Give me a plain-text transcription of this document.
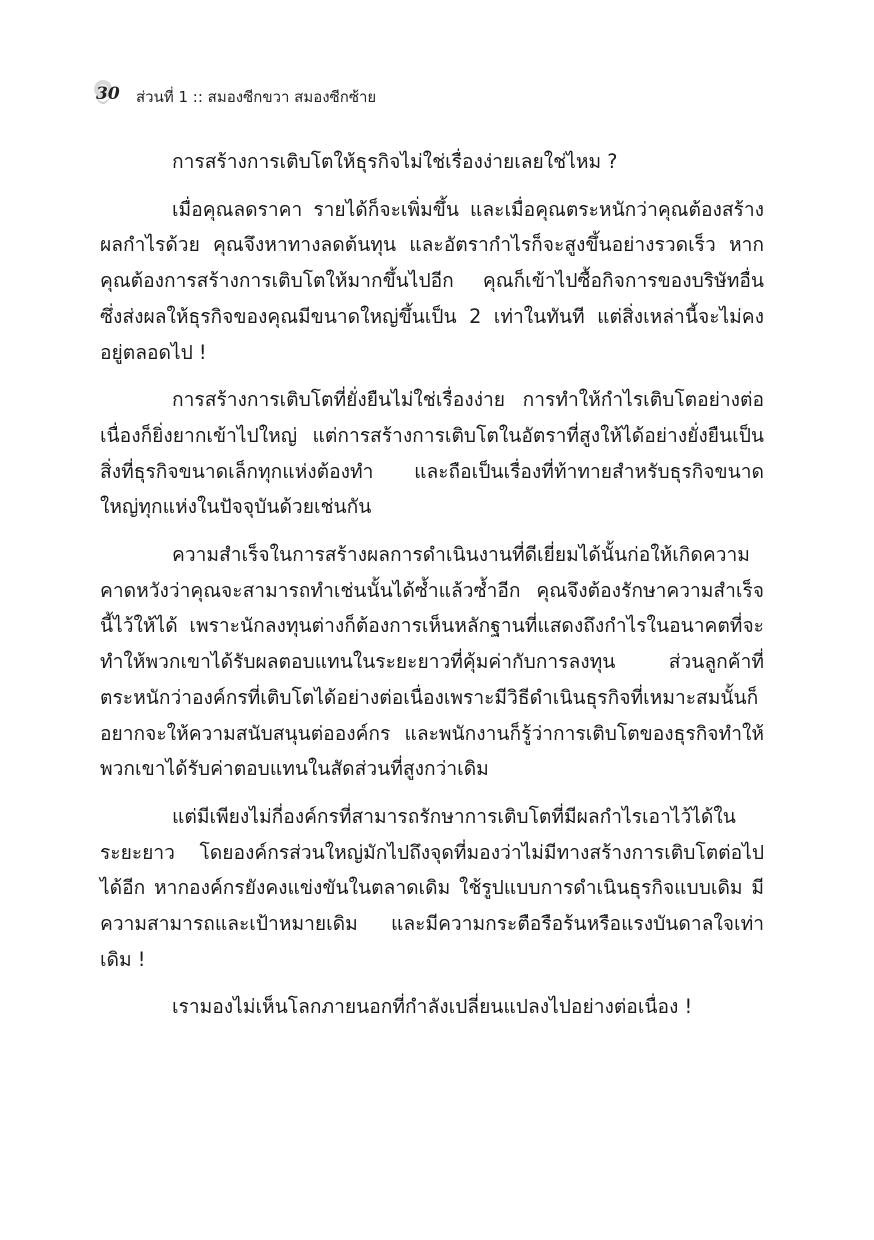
30 ส่วนที่ 1 :: สมองซีกขวา สมองซีกซ้าย

การสร้างการเติบโตให้ธุรกิจไม่ใช่เรื่องง่ายเลยใช่ไหม ?

เมื่อคุณลดราคา รายได้ก็จะเพิ่มขึ้น และเมื่อคุณตระหนักว่าคุณต้องสร้างผลกำไรด้วย คุณจึงหาทางลดต้นทุน และอัตรากำไรก็จะสูงขึ้นอย่างรวดเร็ว หากคุณต้องการสร้างการเติบโตให้มากขึ้นไปอีก คุณก็เข้าไปซื้อกิจการของบริษัทอื่น ซึ่งส่งผลให้ธุรกิจของคุณมีขนาดใหญ่ขึ้นเป็น 2 เท่าในทันที แต่สิ่งเหล่านี้จะไม่คงอยู่ตลอดไป !

การสร้างการเติบโตที่ยั่งยืนไม่ใช่เรื่องง่าย การทำให้กำไรเติบโตอย่างต่อเนื่องก็ยิ่งยากเข้าไปใหญ่ แต่การสร้างการเติบโตในอัตราที่สูงให้ได้อย่างยั่งยืนเป็นสิ่งที่ธุรกิจขนาดเล็กทุกแห่งต้องทำ และถือเป็นเรื่องที่ท้าทายสำหรับธุรกิจขนาดใหญ่ทุกแห่งในปัจจุบันด้วยเช่นกัน

ความสำเร็จในการสร้างผลการดำเนินงานที่ดีเยี่ยมได้นั้นก่อให้เกิดความคาดหวังว่าคุณจะสามารถทำเช่นนั้นได้ซ้ำแล้วซ้ำอีก คุณจึงต้องรักษาความสำเร็จนี้ไว้ให้ได้ เพราะนักลงทุนต่างก็ต้องการเห็นหลักฐานที่แสดงถึงกำไรในอนาคตที่จะทำให้พวกเขาได้รับผลตอบแทนในระยะยาวที่คุ้มค่ากับการลงทุน ส่วนลูกค้าที่ตระหนักว่าองค์กรที่เติบโตได้อย่างต่อเนื่องเพราะมีวิธีดำเนินธุรกิจที่เหมาะสมนั้นก็อยากจะให้ความสนับสนุนต่อองค์กร และพนักงานก็รู้ว่าการเติบโตของธุรกิจทำให้พวกเขาได้รับค่าตอบแทนในสัดส่วนที่สูงกว่าเดิม

แต่มีเพียงไม่กี่องค์กรที่สามารถรักษาการเติบโตที่มีผลกำไรเอาไว้ได้ในระยะยาว โดยองค์กรส่วนใหญ่มักไปถึงจุดที่มองว่าไม่มีทางสร้างการเติบโตต่อไปได้อีก หากองค์กรยังคงแข่งขันในตลาดเดิม ใช้รูปแบบการดำเนินธุรกิจแบบเดิม มีความสามารถและเป้าหมายเดิม และมีความกระตือรือร้นหรือแรงบันดาลใจเท่าเดิม !

เรามองไม่เห็นโลกภายนอกที่กำลังเปลี่ยนแปลงไปอย่างต่อเนื่อง !
